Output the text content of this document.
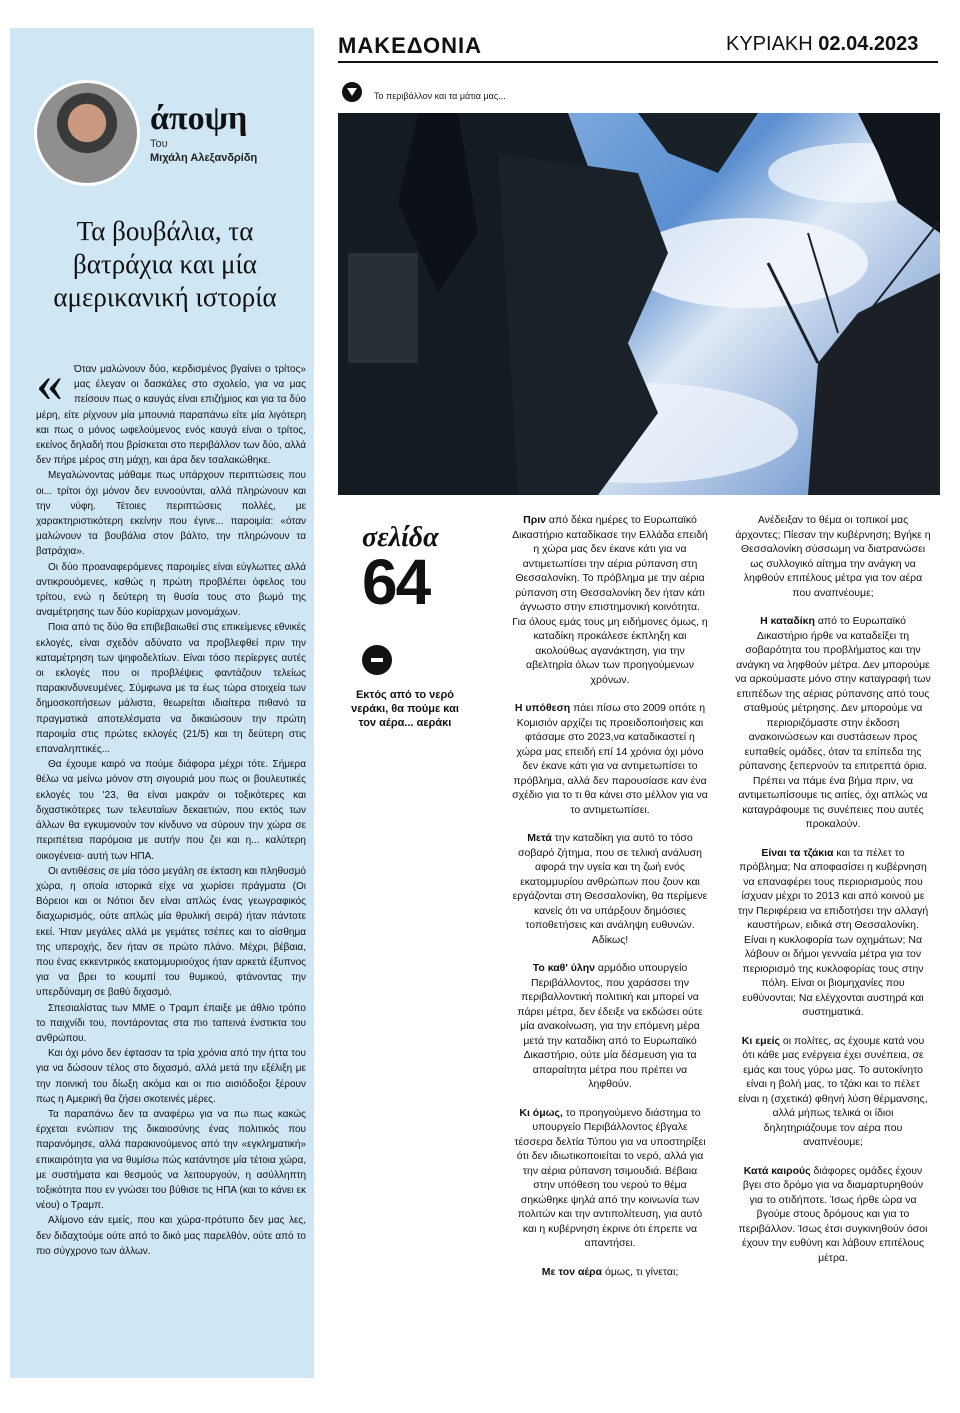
άποψη
Του
Μιχάλη Αλεξανδρίδη
Τα βουβάλια, τα βατράχια και μία αμερικανική ιστορία
«	Όταν μαλώνουν δύο, κερδισμένος βγαίνει ο τρίτος» μας έλεγαν οι δασκάλες στο σχολείο, για να μας πείσουν πως ο καυγάς είναι επιζήμιος και για τα δύο μέρη, είτε ρίχνουν μία μπουνιά παραπάνω είτε μία λιγότερη και πως ο μόνος ωφελούμενος ενός καυγά είναι ο τρίτος, εκείνος δηλαδή που βρίσκεται στο περιβάλλον των δύο, αλλά δεν πήρε μέρος στη μάχη, και άρα δεν τσαλακώθηκε.

Μεγαλώνοντας μάθαμε πως υπάρχουν περιπτώσεις που οι... τρίτοι όχι μόνον δεν ευνοούνται, αλλά πληρώνουν και την νύφη. Τέτοιες περιπτώσεις πολλές, με χαρακτηριστικότερη εκείνην που έγινε... παροιμία: «όταν μαλώνουν τα βουβάλια στον βάλτο, την πληρώνουν τα βατράχια».

Οι δύο προαναφερόμενες παροιμίες είναι εύγλωττες αλλά αντικρουόμενες, καθώς η πρώτη προβλέπει όφελος του τρίτου, ενώ η δεύτερη τη θυσία τους στο βωμό της αναμέτρησης των δύο κυρίαρχων μονομάχων.

Ποια από τις δύο θα επιβεβαιωθεί στις επικείμενες εθνικές εκλογές, είναι σχεδόν αδύνατο να προβλεφθεί πριν την καταμέτρηση των ψηφοδελτίων. Είναι τόσο περίεργες αυτές οι εκλογές που οι προβλέψεις φαντάζουν τελείως παρακινδυνευμένες. Σύμφωνα με τα έως τώρα στοιχεία των δημοσκοπήσεων μάλιστα, θεωρείται ιδιαίτερα πιθανό τα πραγματικά αποτελέσματα να δικαιώσουν την πρώτη παροιμία στις πρώτες εκλογές (21/5) και τη δεύτερη στις επαναληπτικές...

Θα έχουμε καιρό να πούμε διάφορα μέχρι τότε. Σήμερα θέλω να μείνω μόνον στη σιγουριά μου πως οι βουλευτικές εκλογές του '23, θα είναι μακράν οι τοξικότερες και διχαστικότερες των τελευταίων δεκαετιών, που εκτός των άλλων θα εγκυμονούν τον κίνδυνο να σύρουν την χώρα σε περιπέτεια παρόμοια με αυτήν που ζει και η... καλύτερη οικογένεια- αυτή των ΗΠΑ.

Οι αντιθέσεις σε μία τόσο μεγάλη σε έκταση και πληθυσμό χώρα, η οποία ιστορικά είχε να χωρίσει πράγματα (Οι Βόρειοι και οι Νότιοι δεν είναι απλώς ένας γεωγραφικός διαχωρισμός, ούτε απλώς μία θρυλική σειρά) ήταν πάντοτε εκεί. Ήταν μεγάλες αλλά με γεμάτες τσέπες και το αίσθημα της υπεροχής, δεν ήταν σε πρώτο πλάνο. Μέχρι, βέβαια, που ένας εκκεντρικός εκατομμυριούχος ήταν αρκετά έξυπνος για να βρει το κουμπί του θυμικού, φτάνοντας την υπερδύναμη σε βαθύ διχασμό.

Σπεσιαλίστας των ΜΜΕ ο Τραμπ έπαιξε με άθλιο τρόπο το παιχνίδι του, ποντάροντας στα πιο ταπεινά ένστικτα του ανθρώπου.

Και όχι μόνο δεν έφτασαν τα τρία χρόνια από την ήττα του για να δώσουν τέλος στο διχασμό, αλλά μετά την εξέλιξη με την ποινική του δίωξη ακόμα και οι πιο αισιόδοξοι ξέρουν πως η Αμερική θα ζήσει σκοτεινές μέρες.

Τα παραπάνω δεν τα αναφέρω για να πω πως κακώς έρχεται ενώπιον της δικαιοσύνης ένας πολιτικός που παρανόμησε, αλλά παρακινούμενος από την «εγκληματική» επικαιρότητα για να θυμίσω πώς κατάντησε μία τέτοια χώρα, με συστήματα και θεσμούς να λειτουργούν, η ασύλληπτη τοξικότητα που εν γνώσει του βύθισε τις ΗΠΑ (και το κάνει εκ νέου) ο Τραμπ.

Αλίμονο εάν εμείς, που και χώρα-πρότυπο δεν μας λες, δεν διδαχτούμε ούτε από το δικό μας παρελθόν, ούτε από το πιο σύγχρονο των άλλων.

ΜΑΚΕΔΟΝΙΑ	ΚΥΡΙΑΚΗ 02.04.2023
Το περιβάλλον και τα μάτια μας...
σελίδα
64
Εκτός από το νερό νεράκι, θα πούμε και τον αέρα... αεράκι

Πριν από δέκα ημέρες το Ευρωπαϊκό Δικαστήριο καταδίκασε την Ελλάδα επειδή η χώρα μας δεν έκανε κάτι για να αντιμετωπίσει την αέρια ρύπανση στη Θεσσαλονίκη. Το πρόβλημα με την αέρια ρύπανση στη Θεσσαλονίκη δεν ήταν κάτι άγνωστο στην επιστημονική κοινότητα. Για όλους εμάς τους μη ειδήμονες όμως, η καταδίκη προκάλεσε έκπληξη και ακολούθως αγανάκτηση, για την αβελτηρία όλων των προηγούμενων χρόνων.

Η υπόθεση πάει πίσω στο 2009 οπότε η Κομισιόν αρχίζει τις προειδοποιήσεις και φτάσαμε στο 2023,να καταδικαστεί η χώρα μας επειδή επί 14 χρόνια όχι μόνο δεν έκανε κάτι για να αντιμετωπίσει το πρόβλημα, αλλά δεν παρουσίασε καν ένα σχέδιο για το τι θα κάνει στο μέλλον για να το αντιμετωπίσει.

Μετά την καταδίκη για αυτό το τόσο σοβαρό ζήτημα, που σε τελική ανάλυση αφορά την υγεία και τη ζωή ενός εκατομμυρίου ανθρώπων που ζουν και εργάζονται στη Θεσσαλονίκη, θα περίμενε κανείς ότι να υπάρξουν δημόσιες τοποθετήσεις και ανάληψη ευθυνών. Αδίκως!

Το καθ' ύλην αρμόδιο υπουργείο Περιβάλλοντος, που χαράσσει την περιβαλλοντική πολιτική και μπορεί να πάρει μέτρα, δεν έδειξε να εκδώσει ούτε μία ανακοίνωση, για την επόμενη μέρα μετά την καταδίκη από το Ευρωπαϊκό Δικαστήριο, ούτε μία δέσμευση για τα απαραίτητα μέτρα που πρέπει να ληφθούν.

Κι όμως, το προηγούμενο διάστημα το υπουργείο Περιβάλλοντος έβγαλε τέσσερα δελτία Τύπου για να υποστηρίξει ότι δεν ιδιωτικοποιείται το νερό, αλλά για την αέρια ρύπανση τσιμουδιά. Βέβαια στην υπόθεση του νερού το θέμα σηκώθηκε ψηλά από την κοινωνία των πολιτών και την αντιπολίτευση, για αυτό και η κυβέρνηση έκρινε ότι έπρεπε να απαντήσει.

Με τον αέρα όμως, τι γίνεται;

Ανέδειξαν το θέμα οι τοπικοί μας άρχοντες; Πίεσαν την κυβέρνηση; Βγήκε η Θεσσαλονίκη σύσσωμη να διατρανώσει ως συλλογικό αίτημα την ανάγκη να ληφθούν επιτέλους μέτρα για τον αέρα που αναπνέουμε;

Η καταδίκη από το Ευρωπαϊκό Δικαστήριο ήρθε να καταδείξει τη σοβαρότητα του προβλήματος και την ανάγκη να ληφθούν μέτρα. Δεν μπορούμε να αρκούμαστε μόνο στην καταγραφή των επιπέδων της αέριας ρύπανσης από τους σταθμούς μέτρησης. Δεν μπορούμε να περιοριζόμαστε στην έκδοση ανακοινώσεων και συστάσεων προς ευπαθείς ομάδες, όταν τα επίπεδα της ρύπανσης ξεπερνούν τα επιτρεπτά όρια. Πρέπει να πάμε ένα βήμα πριν, να αντιμετωπίσουμε τις αιτίες, όχι απλώς να καταγράφουμε τις συνέπειες που αυτές προκαλούν.

Είναι τα τζάκια και τα πέλετ το πρόβλημα; Να αποφασίσει η κυβέρνηση να επαναφέρει τους περιορισμούς που ίσχυαν μέχρι το 2013 και από κοινού με την Περιφέρεια να επιδοτήσει την αλλαγή καυστήρων, ειδικά στη Θεσσαλονίκη. Είναι η κυκλοφορία των οχημάτων; Να λάβουν οι δήμοι γενναία μέτρα για τον περιορισμό της κυκλοφορίας τους στην πόλη. Είναι οι βιομηχανίες που ευθύνονται; Να ελέγχονται αυστηρά και συστηματικά.

Κι εμείς οι πολίτες, ας έχουμε κατά νου ότι κάθε μας ενέργεια έχει συνέπεια, σε εμάς και τους γύρω μας. Το αυτοκίνητο είναι η βολή μας, το τζάκι και το πέλετ είναι η (σχετικά) φθηνή λύση θέρμανσης, αλλά μήπως τελικά οι ίδιοι δηλητηριάζουμε τον αέρα που αναπνέουμε;

Κατά καιρούς διάφορες ομάδες έχουν βγει στο δρόμο για να διαμαρτυρηθούν για το οτιδήποτε. Ίσως ήρθε ώρα να βγούμε στους δρόμους και για το περιβάλλον. Ίσως έτσι συγκινηθούν όσοι έχουν την ευθύνη και λάβουν επιτέλους μέτρα.
